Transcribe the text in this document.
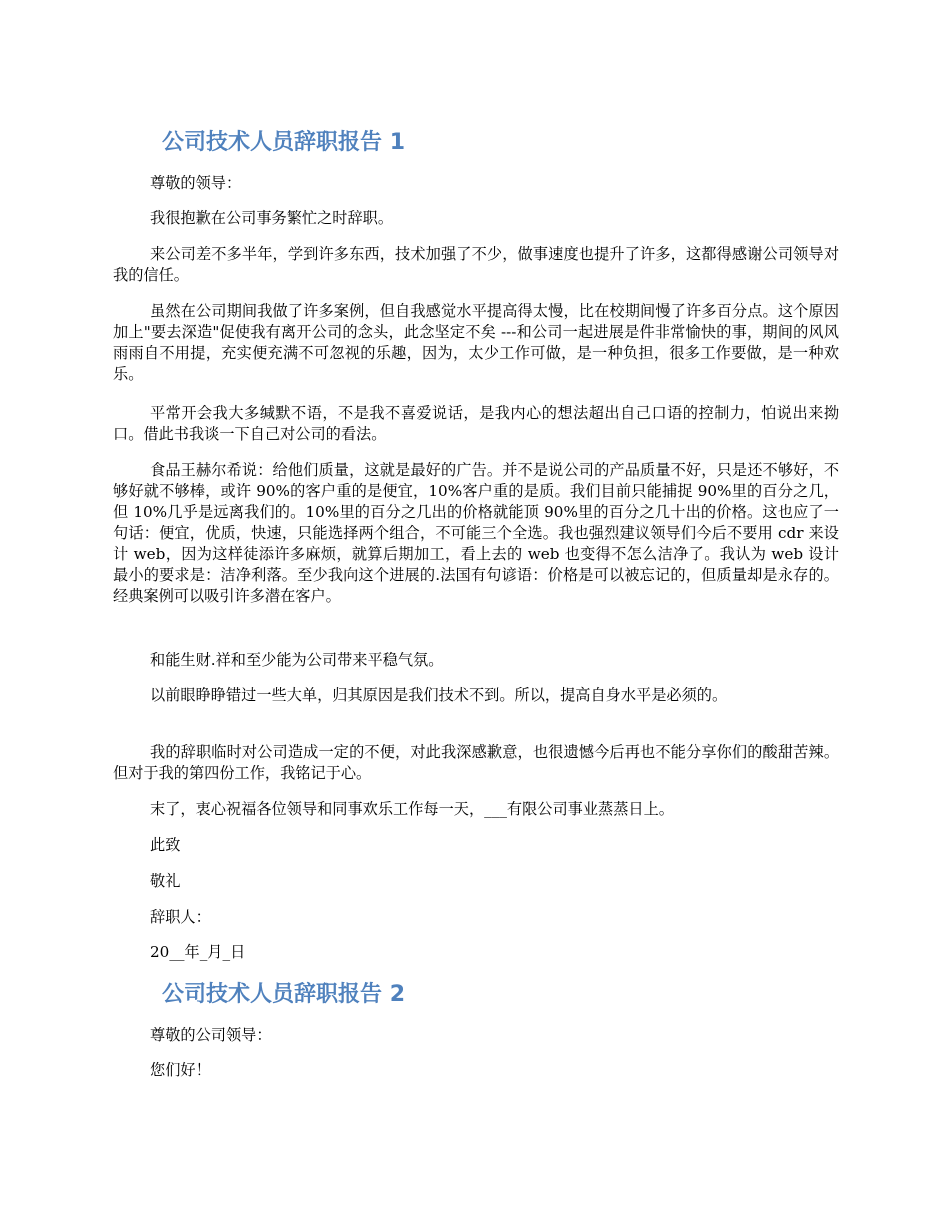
公司技术人员辞职报告 1

尊敬的领导：

我很抱歉在公司事务繁忙之时辞职。

来公司差不多半年，学到许多东西，技术加强了不少，做事速度也提升了许多，这都得感谢公司领导对我的信任。

虽然在公司期间我做了许多案例，但自我感觉水平提高得太慢，比在校期间慢了许多百分点。这个原因加上"要去深造"促使我有离开公司的念头，此念坚定不矣 ---和公司一起进展是件非常愉快的事，期间的风风雨雨自不用提，充实便充满不可忽视的乐趣，因为，太少工作可做，是一种负担，很多工作要做，是一种欢乐。

平常开会我大多缄默不语，不是我不喜爱说话，是我内心的想法超出自己口语的控制力，怕说出来拗口。借此书我谈一下自己对公司的看法。

食品王赫尔希说：给他们质量，这就是最好的广告。并不是说公司的产品质量不好，只是还不够好，不够好就不够棒，或许 90%的客户重的是便宜，10%客户重的是质。我们目前只能捕捉 90%里的百分之几，但 10%几乎是远离我们的。10%里的百分之几出的价格就能顶 90%里的百分之几十出的价格。这也应了一句话：便宜，优质，快速，只能选择两个组合，不可能三个全选。我也强烈建议领导们今后不要用 cdr 来设计 web，因为这样徒添许多麻烦，就算后期加工，看上去的 web 也变得不怎么洁净了。我认为 web 设计最小的要求是：洁净利落。至少我向这个进展的.法国有句谚语：价格是可以被忘记的，但质量却是永存的。经典案例可以吸引许多潜在客户。

和能生财.祥和至少能为公司带来平稳气氛。

以前眼睁睁错过一些大单，归其原因是我们技术不到。所以，提高自身水平是必须的。

我的辞职临时对公司造成一定的不便，对此我深感歉意，也很遗憾今后再也不能分享你们的酸甜苦辣。但对于我的第四份工作，我铭记于心。

末了，衷心祝福各位领导和同事欢乐工作每一天，___有限公司事业蒸蒸日上。

此致

敬礼

辞职人：

20__年_月_日

公司技术人员辞职报告 2

尊敬的公司领导：

您们好！
